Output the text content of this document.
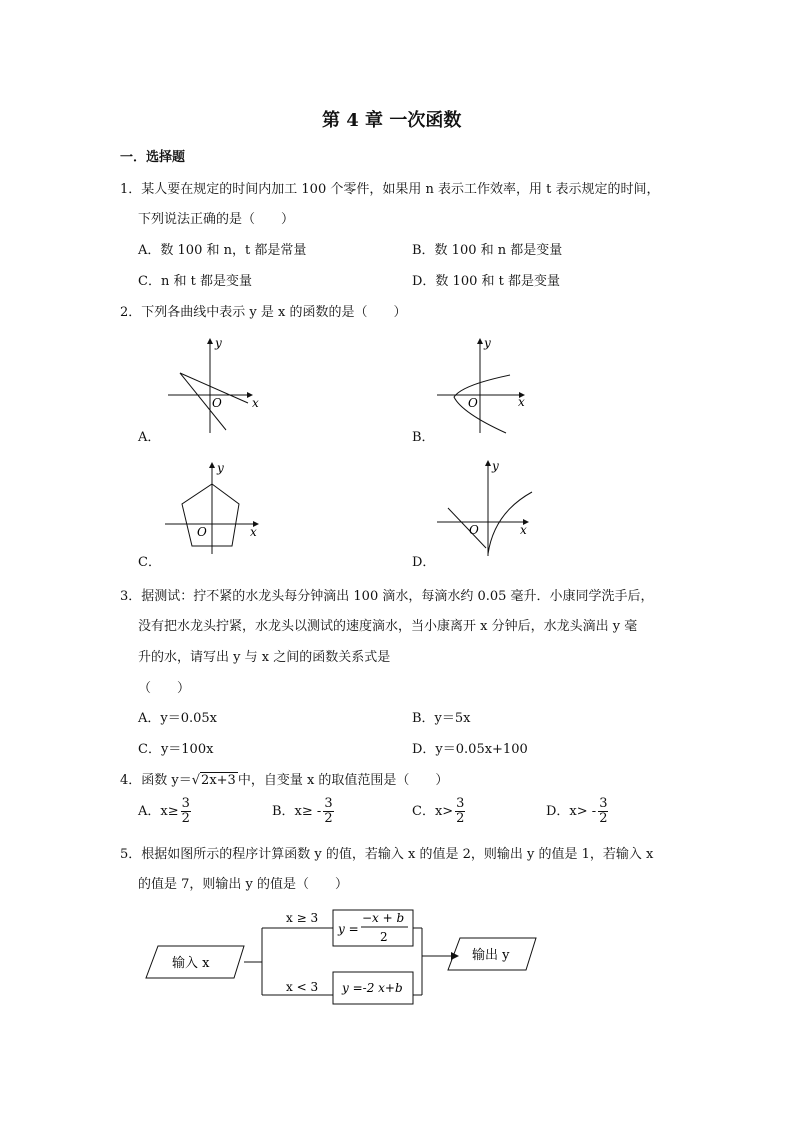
第 4 章 一次函数
一．选择题
1．某人要在规定的时间内加工 100 个零件，如果用 n 表示工作效率，用 t 表示规定的时间，
下列说法正确的是（　　）
A．数 100 和 n，t 都是常量	B．数 100 和 n 都是变量
C．n 和 t 都是变量	D．数 100 和 t 都是变量
2．下列各曲线中表示 y 是 x 的函数的是（　　）
x
y
O
A．
x
y
O
B．
x
y
O
C．
x
y
O
D．
3．据测试：拧不紧的水龙头每分钟滴出 100 滴水，每滴水约 0.05 毫升．小康同学洗手后，
没有把水龙头拧紧，水龙头以测试的速度滴水，当小康离开 x 分钟后，水龙头滴出 y 毫
升的水，请写出 y 与 x 之间的函数关系式是
（　　）
A．y＝0.05x	B．y＝5x
C．y＝100x	D．y＝0.05x+100
4．函数 y＝√2x+3 中，自变量 x 的取值范围是（　　）
A．$x\ge \frac{3}{2}$	B．$x\ge - \frac{3}{2}$	C．$x> \frac{3}{2}$	D．$x> - \frac{3}{2}$
5．根据如图所示的程序计算函数 y 的值，若输入 x 的值是 2，则输出 y 的值是 1，若输入 x
的值是 7，则输出 y 的值是（　　）
输入 x
x ≥ 3
x < 3
y =
−x + b
2
y =-2 x+b
输出 y
